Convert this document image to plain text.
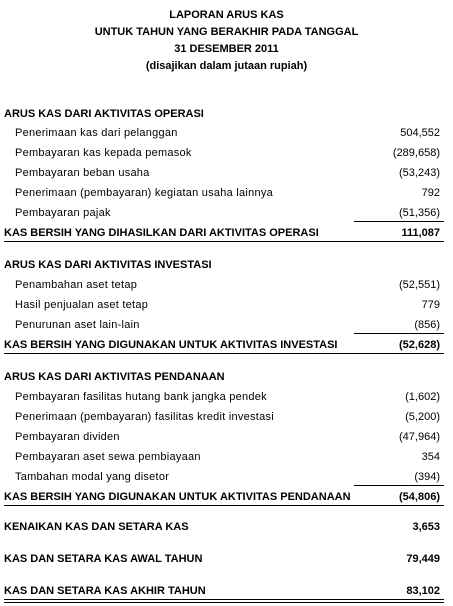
LAPORAN ARUS KAS
UNTUK TAHUN YANG BERAKHIR PADA TANGGAL
31 DESEMBER 2011
(disajikan dalam jutaan rupiah)
ARUS KAS DARI AKTIVITAS OPERASI
Penerimaan kas dari pelanggan	504,552
Pembayaran kas kepada pemasok	(289,658)
Pembayaran beban usaha	(53,243)
Penerimaan (pembayaran) kegiatan usaha lainnya	792
Pembayaran pajak	(51,356)
KAS BERSIH YANG DIHASILKAN DARI AKTIVITAS OPERASI	111,087
ARUS KAS DARI AKTIVITAS INVESTASI
Penambahan aset tetap	(52,551)
Hasil penjualan aset tetap	779
Penurunan aset lain-lain	(856)
KAS BERSIH YANG DIGUNAKAN UNTUK AKTIVITAS INVESTASI	(52,628)
ARUS KAS DARI AKTIVITAS PENDANAAN
Pembayaran fasilitas hutang bank jangka pendek	(1,602)
Penerimaan (pembayaran) fasilitas kredit investasi	(5,200)
Pembayaran dividen	(47,964)
Pembayaran aset sewa pembiayaan	354
Tambahan modal yang disetor	(394)
KAS BERSIH YANG DIGUNAKAN UNTUK AKTIVITAS PENDANAAN	(54,806)
KENAIKAN KAS DAN SETARA KAS	3,653
KAS DAN SETARA KAS AWAL TAHUN	79,449
KAS DAN SETARA KAS AKHIR TAHUN	83,102
